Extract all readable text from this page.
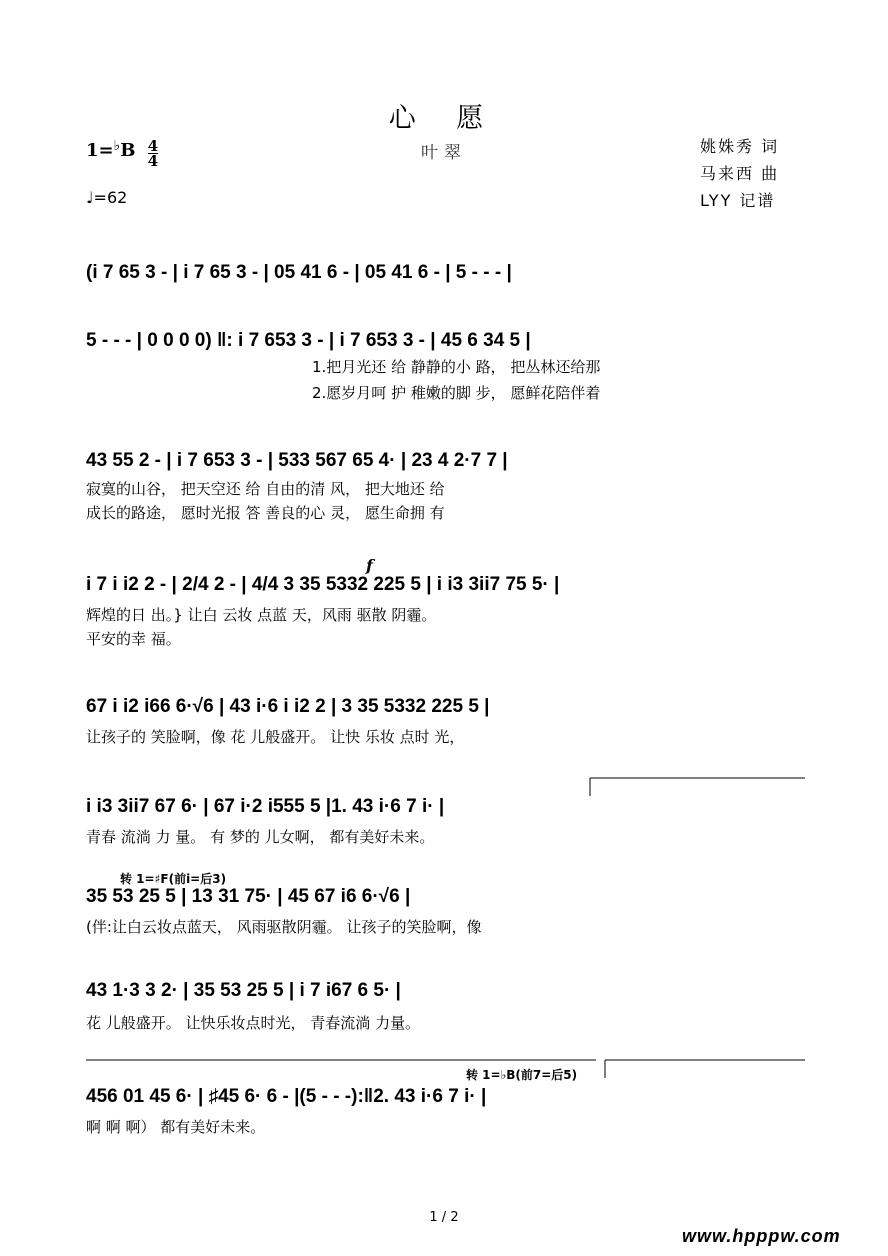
心 愿
叶翠
$1=^♭B \frac{4}{4}$
♩=62
姚姝秀 词
马来西 曲
LYY 记谱
(i 7 65 3 - | i 7 65 3 - | 05 41 6 - | 05 41 6 - | 5 - - - |
5 - - - | 0 0 0 0) ‖: i 7 653 3 - | i 7 653 3 - | 45 6 34 5 |
1.把月光还 给 静静的小 路， 把丛林还给那
2.愿岁月呵 护 稚嫩的脚 步， 愿鲜花陪伴着
43 55 2 - | i 7 653 3 - | 533 567 65 4· | 23 4 2·7 7 |
寂寞的山谷， 把天空还 给 自由的清 风， 把大地还 给
成长的路途， 愿时光报 答 善良的心 灵， 愿生命拥 有
f
i 7 i i2 2 - | 2/4 2 - | 4/4 3 35 5332 225 5 | i i3 3ii7 75 5· |
辉煌的日 出。} 让白 云妆 点蓝 天，风雨 驱散 阴霾。
平安的幸 福。
67 i i2 i66 6·√6 | 43 i·6 i i2 2 | 3 35 5332 225 5 |
让孩子的 笑脸啊，像 花 儿般盛开。 让快 乐妆 点时 光，
i i3 3ii7 67 6· | 67 i·2 i555 5 |1. 43 i·6 7 i· |
青春 流淌 力 量。 有 梦的 儿女啊， 都有美好未来。
转 1=♯F(前i=后3)
35 53 25 5 | 13 31 75· | 45 67 i6 6·√6 |
(伴:让白云妆点蓝天， 风雨驱散阴霾。 让孩子的笑脸啊，像
43 1·3 3 2· | 35 53 25 5 | i 7 i67 6 5· |
花 儿般盛开。 让快乐妆点时光， 青春流淌 力量。
转 1=♭B(前7=后5)
456 01 45 6· | ♯45 6· 6 - |(5 - - -):‖2. 43 i·6 7 i· |
啊 啊 啊） 都有美好未来。
1 / 2
www.hpppw.com
